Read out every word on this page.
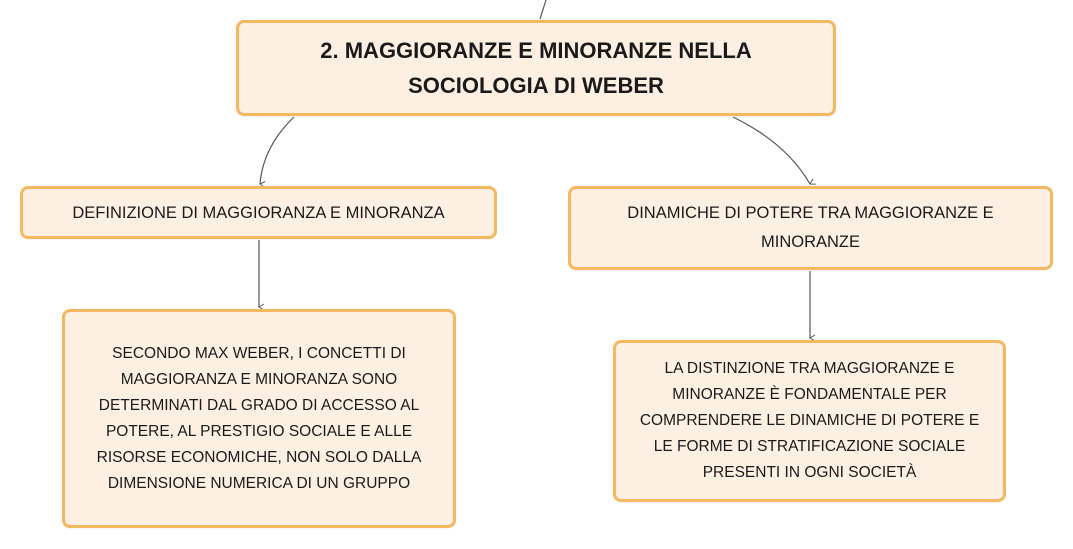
2. MAGGIORANZE E MINORANZE NELLA SOCIOLOGIA DI WEBER
DEFINIZIONE DI MAGGIORANZA E MINORANZA	DINAMICHE DI POTERE TRA MAGGIORANZE E MINORANZE
SECONDO MAX WEBER, I CONCETTI DI MAGGIORANZA E MINORANZA SONO DETERMINATI DAL GRADO DI ACCESSO AL POTERE, AL PRESTIGIO SOCIALE E ALLE RISORSE ECONOMICHE, NON SOLO DALLA DIMENSIONE NUMERICA DI UN GRUPPO
LA DISTINZIONE TRA MAGGIORANZE E MINORANZE È FONDAMENTALE PER COMPRENDERE LE DINAMICHE DI POTERE E LE FORME DI STRATIFICAZIONE SOCIALE PRESENTI IN OGNI SOCIETÀ
